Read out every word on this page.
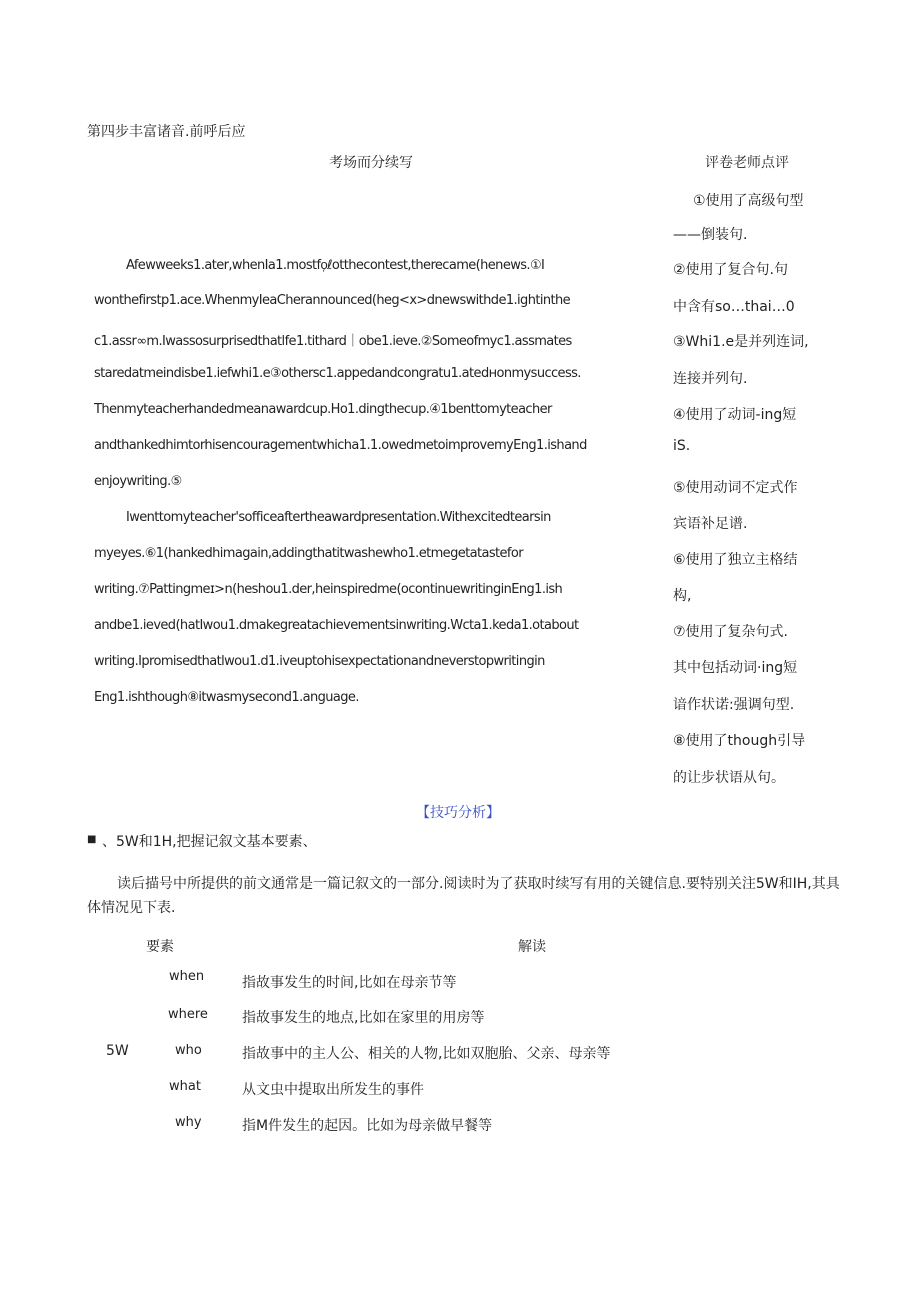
第四步丰富诸音.前呼后应
考场而分续写	评卷老师点评
Afewweeks1.ater,whenIa1.mostfo᷊ℓotthecontest,therecame(henews.①I
wonthefirstp1.ace.WhenmyIeaCherannounced(heg<x>dnewswithde1.ightinthe
c1.assr∞m.Iwassosurprisedthatlfe1.tithard｜obe1.ieve.②Someofmyc1.assmates
staredatmeindisbe1.iefwhi1.e③othersc1.appedandcongratu1.atedнonmysuccess.
Thenmyteacherhandedmeanawardcup.Ho1.dingthecup.④1benttomyteacher
andthankedhimtorhisencouragementwhicha1.1.owedmetoimprovemyEng1.ishand
enjoywriting.⑤
Iwenttomyteacher'sofficeaftertheawardpresentation.Withexcitedtearsin
myeyes.⑥1(hankedhimagain,addingthatitwashewho1.etmegetatastefor
writing.⑦Pattingmeɪ>n(heshou1.der,heinspiredme(ocontinuewritinginEng1.ish
andbe1.ieved(hatIwou1.dmakegreatachievementsinwriting.Wcta1.keda1.otabout
writing.Ipromisedthatlwou1.d1.iveuptohisexpectationandneverstopwritingin
Eng1.ishthough⑧itwasmysecond1.anguage.
①使用了高级句型
——倒装句.
②使用了复合句.句
中含有so…thai…0
③Whi1.e是并列连词,
连接并列句.
④使用了动词-ing短
iS.
⑤使用动词不定式作
宾语补足谱.
⑥使用了独立主格结
构,
⑦使用了复杂句式.
其中包括动词·ing短
谙作状诺:强调句型.
⑧使用了though引导
的让步状语从句。
【技巧分析】
■ 、5W和1H,把握记叙文基本要素、
读后描号中所提供的前文通常是一篇记叙文的一部分.阅读时为了获取时续写有用的关键信息.要特别关注5W和IH,其具
体情况见下表.
要素	解读
5W
when	指故事发生的时间,比如在母亲节等
where 指故事发生的地点,比如在家里的用房等
who	指故事中的主人公、相关的人物,比如双胞胎、父亲、母亲等
what	从文虫中提取出所发生的事件
why	指M件发生的起因。比如为母亲做早餐等
